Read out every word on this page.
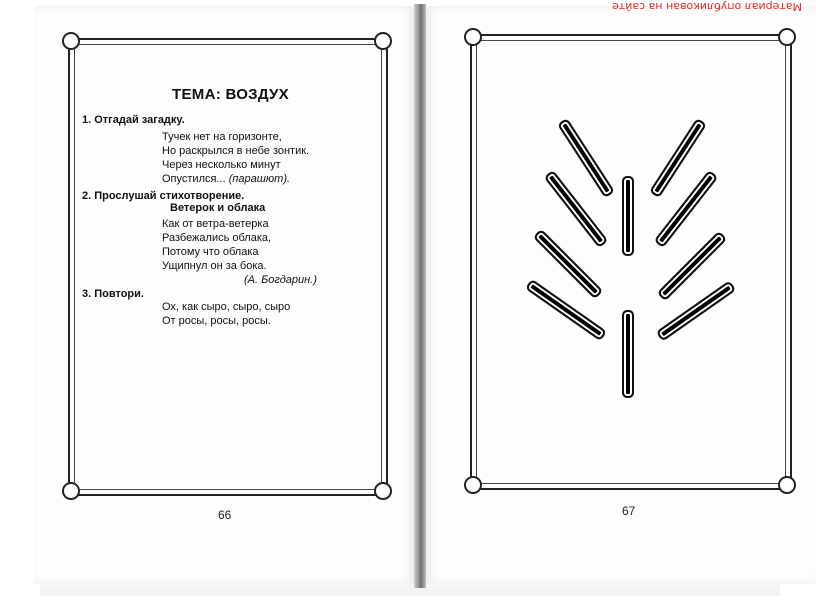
Материал опубликован на сайте
ТЕМА: ВОЗДУХ
1. Отгадай загадку.
Тучек нет на горизонте,
Но раскрылся в небе зонтик.
Через несколько минут
Опустился... (парашют).
2. Прослушай стихотворение.
Ветерок и облака
Как от ветра-ветерка
Разбежались облака,
Потому что облака
Ущипнул он за бока.
(А. Богдарин.)
3. Повтори.
Ох, как сыро, сыро, сыро
От росы, росы, росы.
66	67
